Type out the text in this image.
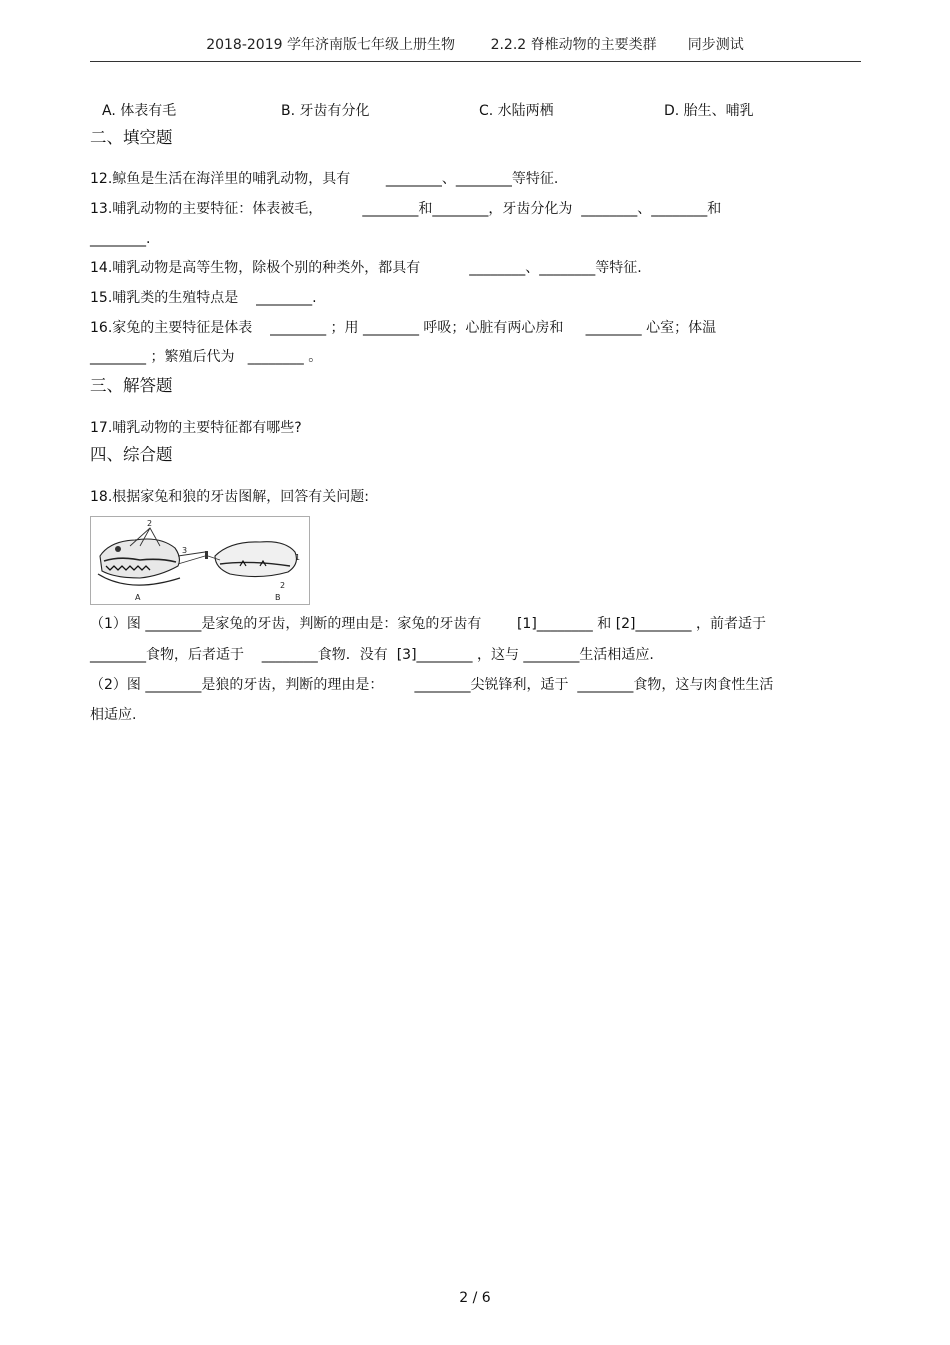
2018-2019 学年济南版七年级上册生物        2.2.2 脊椎动物的主要类群       同步测试
A. 体表有毛	B. 牙齿有分化	C. 水陆两栖	D. 胎生、哺乳
二、填空题
12.鲸鱼是生活在海洋里的哺乳动物，具有        ________、________等特征.
13.哺乳动物的主要特征：体表被毛，         ________和________，牙齿分化为  ________、________和
________.
14.哺乳动物是高等生物，除极个别的种类外，都具有           ________、________等特征.
15.哺乳类的生殖特点是    ________.
16.家兔的主要特征是体表    ________ ；用 ________ 呼吸；心脏有两心房和     ________ 心室；体温
________ ；繁殖后代为   ________ 。
三、解答题
17.哺乳动物的主要特征都有哪些?
四、综合题
18.根据家兔和狼的牙齿图解，回答有关问题:
2
3
A
1
2
B
（1）图 ________是家兔的牙齿，判断的理由是：家兔的牙齿有        [1]________ 和 [2]________ ，前者适于
________食物，后者适于    ________食物．没有  [3]________ ，这与 ________生活相适应.
（2）图 ________是狼的牙齿，判断的理由是：       ________尖锐锋利，适于  ________食物，这与肉食性生活
相适应.
2 / 6
